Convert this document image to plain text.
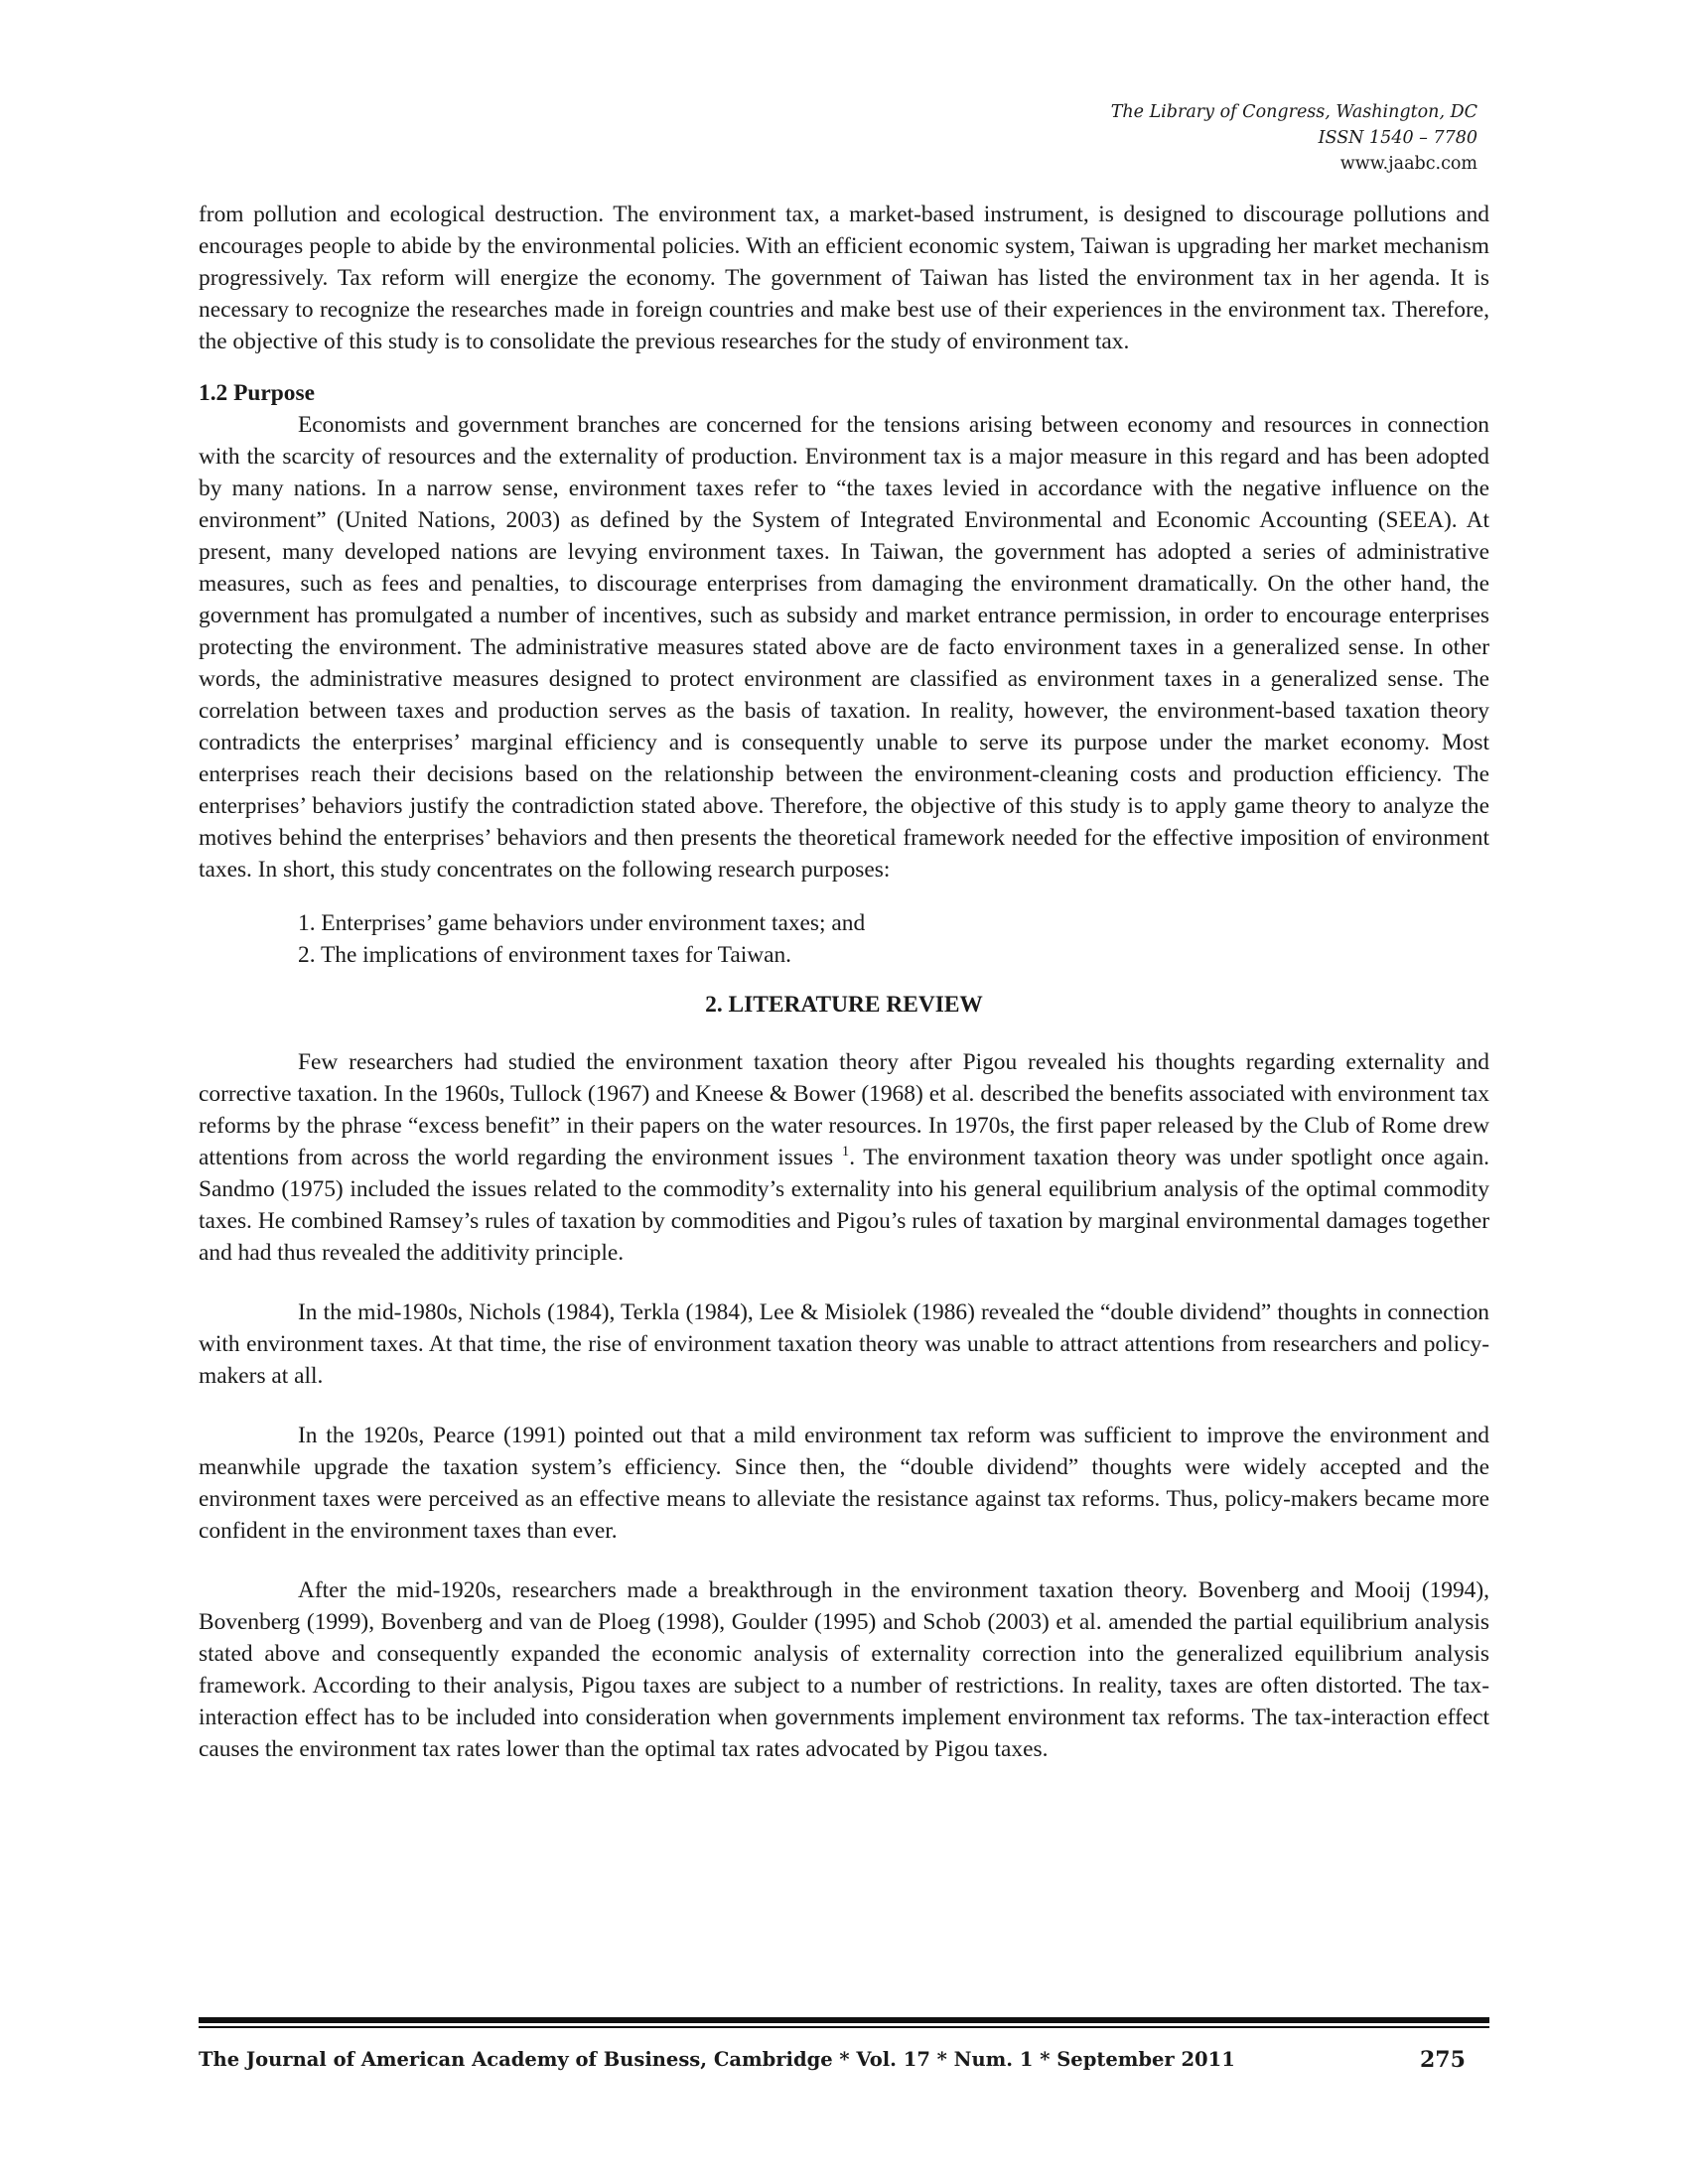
The Library of Congress, Washington, DC
ISSN 1540 – 7780
www.jaabc.com

from pollution and ecological destruction. The environment tax, a market-based instrument, is designed to discourage pollutions and encourages people to abide by the environmental policies. With an efficient economic system, Taiwan is upgrading her market mechanism progressively. Tax reform will energize the economy. The government of Taiwan has listed the environment tax in her agenda. It is necessary to recognize the researches made in foreign countries and make best use of their experiences in the environment tax. Therefore, the objective of this study is to consolidate the previous researches for the study of environment tax.

1.2 Purpose

Economists and government branches are concerned for the tensions arising between economy and resources in connection with the scarcity of resources and the externality of production. Environment tax is a major measure in this regard and has been adopted by many nations. In a narrow sense, environment taxes refer to “the taxes levied in accordance with the negative influence on the environment” (United Nations, 2003) as defined by the System of Integrated Environmental and Economic Accounting (SEEA). At present, many developed nations are levying environment taxes. In Taiwan, the government has adopted a series of administrative measures, such as fees and penalties, to discourage enterprises from damaging the environment dramatically. On the other hand, the government has promulgated a number of incentives, such as subsidy and market entrance permission, in order to encourage enterprises protecting the environment. The administrative measures stated above are de facto environment taxes in a generalized sense. In other words, the administrative measures designed to protect environment are classified as environment taxes in a generalized sense. The correlation between taxes and production serves as the basis of taxation. In reality, however, the environment-based taxation theory contradicts the enterprises’ marginal efficiency and is consequently unable to serve its purpose under the market economy. Most enterprises reach their decisions based on the relationship between the environment-cleaning costs and production efficiency. The enterprises’ behaviors justify the contradiction stated above. Therefore, the objective of this study is to apply game theory to analyze the motives behind the enterprises’ behaviors and then presents the theoretical framework needed for the effective imposition of environment taxes. In short, this study concentrates on the following research purposes:

1. Enterprises’ game behaviors under environment taxes; and
2. The implications of environment taxes for Taiwan.
2. LITERATURE REVIEW

Few researchers had studied the environment taxation theory after Pigou revealed his thoughts regarding externality and corrective taxation. In the 1960s, Tullock (1967) and Kneese & Bower (1968) et al. described the benefits associated with environment tax reforms by the phrase “excess benefit” in their papers on the water resources. In 1970s, the first paper released by the Club of Rome drew attentions from across the world regarding the environment issues $^1$. The environment taxation theory was under spotlight once again. Sandmo (1975) included the issues related to the commodity’s externality into his general equilibrium analysis of the optimal commodity taxes. He combined Ramsey’s rules of taxation by commodities and Pigou’s rules of taxation by marginal environmental damages together and had thus revealed the additivity principle.

In the mid-1980s, Nichols (1984), Terkla (1984), Lee & Misiolek (1986) revealed the “double dividend” thoughts in connection with environment taxes. At that time, the rise of environment taxation theory was unable to attract attentions from researchers and policy-makers at all.

In the 1920s, Pearce (1991) pointed out that a mild environment tax reform was sufficient to improve the environment and meanwhile upgrade the taxation system’s efficiency. Since then, the “double dividend” thoughts were widely accepted and the environment taxes were perceived as an effective means to alleviate the resistance against tax reforms. Thus, policy-makers became more confident in the environment taxes than ever.

After the mid-1920s, researchers made a breakthrough in the environment taxation theory. Bovenberg and Mooij (1994), Bovenberg (1999), Bovenberg and van de Ploeg (1998), Goulder (1995) and Schob (2003) et al. amended the partial equilibrium analysis stated above and consequently expanded the economic analysis of externality correction into the generalized equilibrium analysis framework. According to their analysis, Pigou taxes are subject to a number of restrictions. In reality, taxes are often distorted. The tax-interaction effect has to be included into consideration when governments implement environment tax reforms. The tax-interaction effect causes the environment tax rates lower than the optimal tax rates advocated by Pigou taxes.

The Journal of American Academy of Business, Cambridge * Vol. 17 * Num. 1 * September 2011	275
